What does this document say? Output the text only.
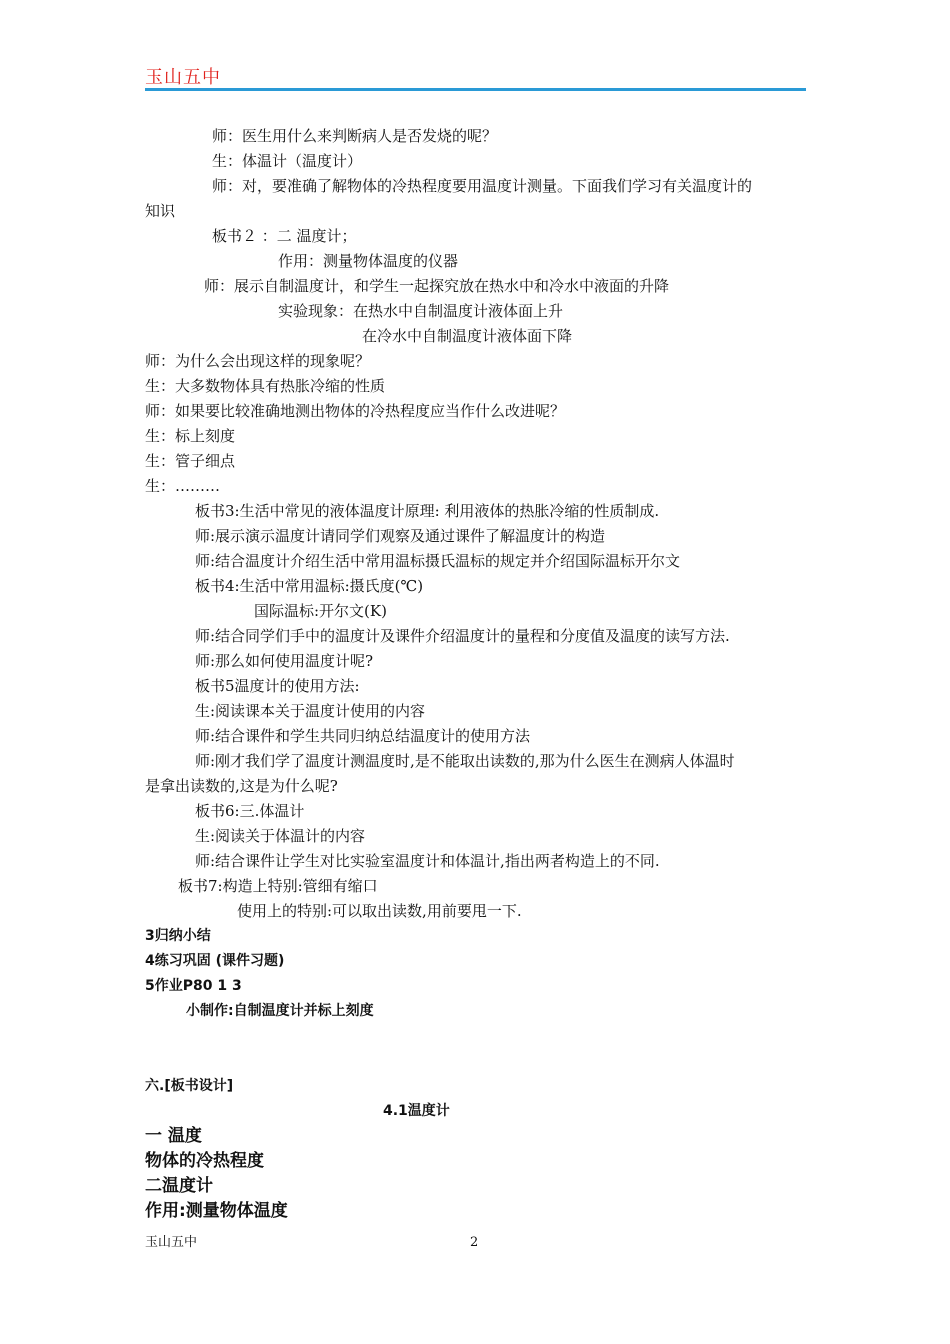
玉山五中
师：医生用什么来判断病人是否发烧的呢？
生：体温计（温度计）
师：对，要准确了解物体的冷热程度要用温度计测量。下面我们学习有关温度计的
知识
板书２ ：二 温度计；
作用：测量物体温度的仪器
师：展示自制温度计，和学生一起探究放在热水中和冷水中液面的升降
实验现象：在热水中自制温度计液体面上升
在冷水中自制温度计液体面下降
师：为什么会出现这样的现象呢？
生：大多数物体具有热胀冷缩的性质
师：如果要比较准确地测出物体的冷热程度应当作什么改进呢？
生：标上刻度
生：管子细点
生：………
板书3:生活中常见的液体温度计原理: 利用液体的热胀冷缩的性质制成.
师:展示演示温度计请同学们观察及通过课件了解温度计的构造
师:结合温度计介绍生活中常用温标摄氏温标的规定并介绍国际温标开尔文
板书4:生活中常用温标:摄氏度(℃)
国际温标:开尔文(K)
师:结合同学们手中的温度计及课件介绍温度计的量程和分度值及温度的读写方法.
师:那么如何使用温度计呢?
板书5温度计的使用方法:
生:阅读课本关于温度计使用的内容
师:结合课件和学生共同归纳总结温度计的使用方法
师:刚才我们学了温度计测温度时,是不能取出读数的,那为什么医生在测病人体温时
是拿出读数的,这是为什么呢?
板书6:三.体温计
生:阅读关于体温计的内容
师:结合课件让学生对比实验室温度计和体温计,指出两者构造上的不同.
板书7:构造上特别:管细有缩口
使用上的特别:可以取出读数,用前要甩一下.
3归纳小结
4练习巩固 (课件习题)
5作业P80 1 3
小制作:自制温度计并标上刻度
六.[板书设计]
4.1温度计
一 温度
物体的冷热程度
二温度计
作用:测量物体温度
玉山五中	2
